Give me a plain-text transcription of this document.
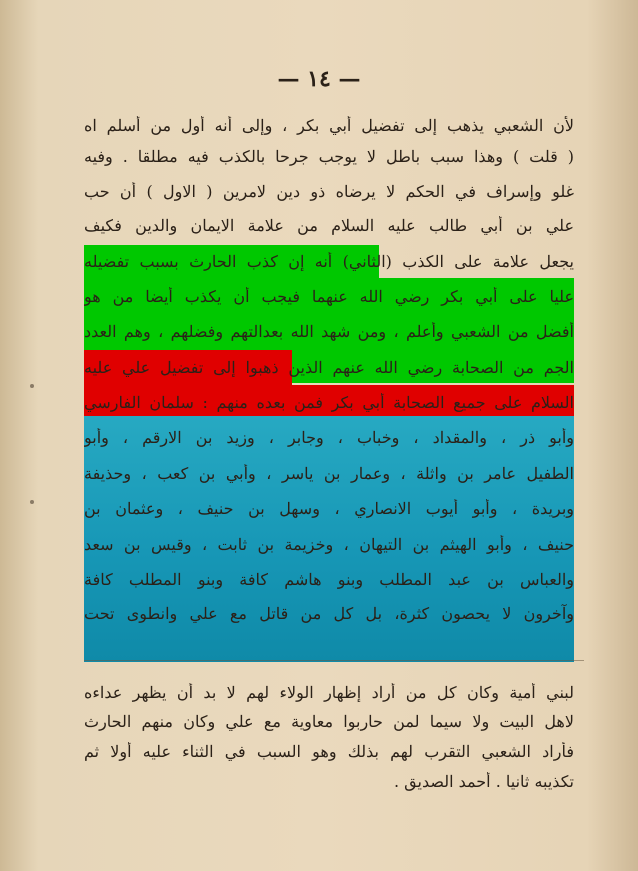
— ١٤ —
لأن الشعبي يذهب إلى تفضيل أبي بكر ، وإلى أنه أول من أسلم اه
( قلت ) وهذا سبب باطل لا يوجب جرحا بالكذب فيه مطلقا . وفيه
غلو وإسراف في الحكم لا يرضاه ذو دين لامرين ( الاول ) أن حب
علي بن أبي طالب عليه السلام من علامة الايمان والدين فكيف
يجعل علامة على الكذب (الثاني) أنه إن كذب الحارث بسبب تفضيله
عليا على أبي بكر رضي الله عنهما فيجب أن يكذب أيضا من هو
أفضل من الشعبي وأعلم ، ومن شهد الله بعدالتهم وفضلهم ، وهم العدد
الجم من الصحابة رضي الله عنهم الذين ذهبوا إلى تفضيل علي عليه
السلام على جميع الصحابة أبي بكر فمن بعده منهم : سلمان الفارسي
وأبو ذر ، والمقداد ، وخباب ، وجابر ، وزيد بن الارقم ، وأبو
الطفيل عامر بن واثلة ، وعمار بن ياسر ، وأبي بن كعب ، وحذيفة
وبريدة ، وأبو أيوب الانصاري ، وسهل بن حنيف ، وعثمان بن
حنيف ، وأبو الهيثم بن التيهان ، وخزيمة بن ثابت ، وقيس بن سعد
والعباس بن عبد المطلب وبنو هاشم كافة وبنو المطلب كافة
وآخرون لا يحصون كثرة، بل كل من قاتل مع علي وانطوى تحت
لبني أمية وكان كل من أراد إظهار الولاء لهم لا بد أن يظهر عداءه
لاهل البيت ولا سيما لمن حاربوا معاوية مع علي وكان منهم الحارث
فأراد الشعبي التقرب لهم بذلك وهو السبب في الثناء عليه أولا ثم
تكذيبه ثانيا . أحمد الصديق .
